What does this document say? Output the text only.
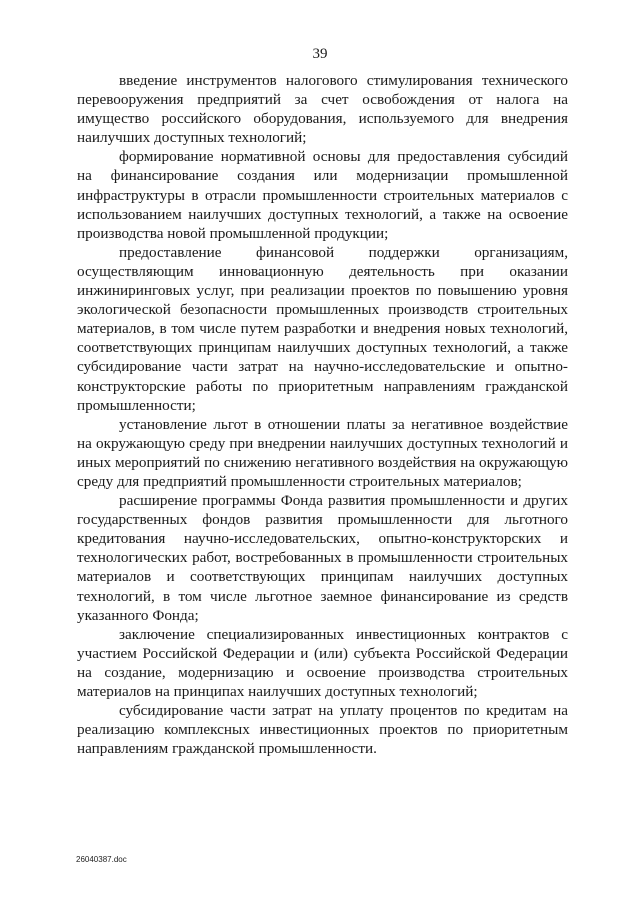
39

введение инструментов налогового стимулирования технического перевооружения предприятий за счет освобождения от налога на имущество российского оборудования, используемого для внедрения наилучших доступных технологий;

формирование нормативной основы для предоставления субсидий на финансирование создания или модернизации промышленной инфраструктуры в отрасли промышленности строительных материалов с использованием наилучших доступных технологий, а также на освоение производства новой промышленной продукции;

предоставление финансовой поддержки организациям, осуществляющим инновационную деятельность при оказании инжиниринговых услуг, при реализации проектов по повышению уровня экологической безопасности промышленных производств строительных материалов, в том числе путем разработки и внедрения новых технологий, соответствующих принципам наилучших доступных технологий, а также субсидирование части затрат на научно-исследовательские и опытно-конструкторские работы по приоритетным направлениям гражданской промышленности;

установление льгот в отношении платы за негативное воздействие на окружающую среду при внедрении наилучших доступных технологий и иных мероприятий по снижению негативного воздействия на окружающую среду для предприятий промышленности строительных материалов;

расширение программы Фонда развития промышленности и других государственных фондов развития промышленности для льготного кредитования научно-исследовательских, опытно-конструкторских и технологических работ, востребованных в промышленности строительных материалов и соответствующих принципам наилучших доступных технологий, в том числе льготное заемное финансирование из средств указанного Фонда;

заключение специализированных инвестиционных контрактов с участием Российской Федерации и (или) субъекта Российской Федерации на создание, модернизацию и освоение производства строительных материалов на принципах наилучших доступных технологий;

субсидирование части затрат на уплату процентов по кредитам на реализацию комплексных инвестиционных проектов по приоритетным направлениям гражданской промышленности.

26040387.doc
